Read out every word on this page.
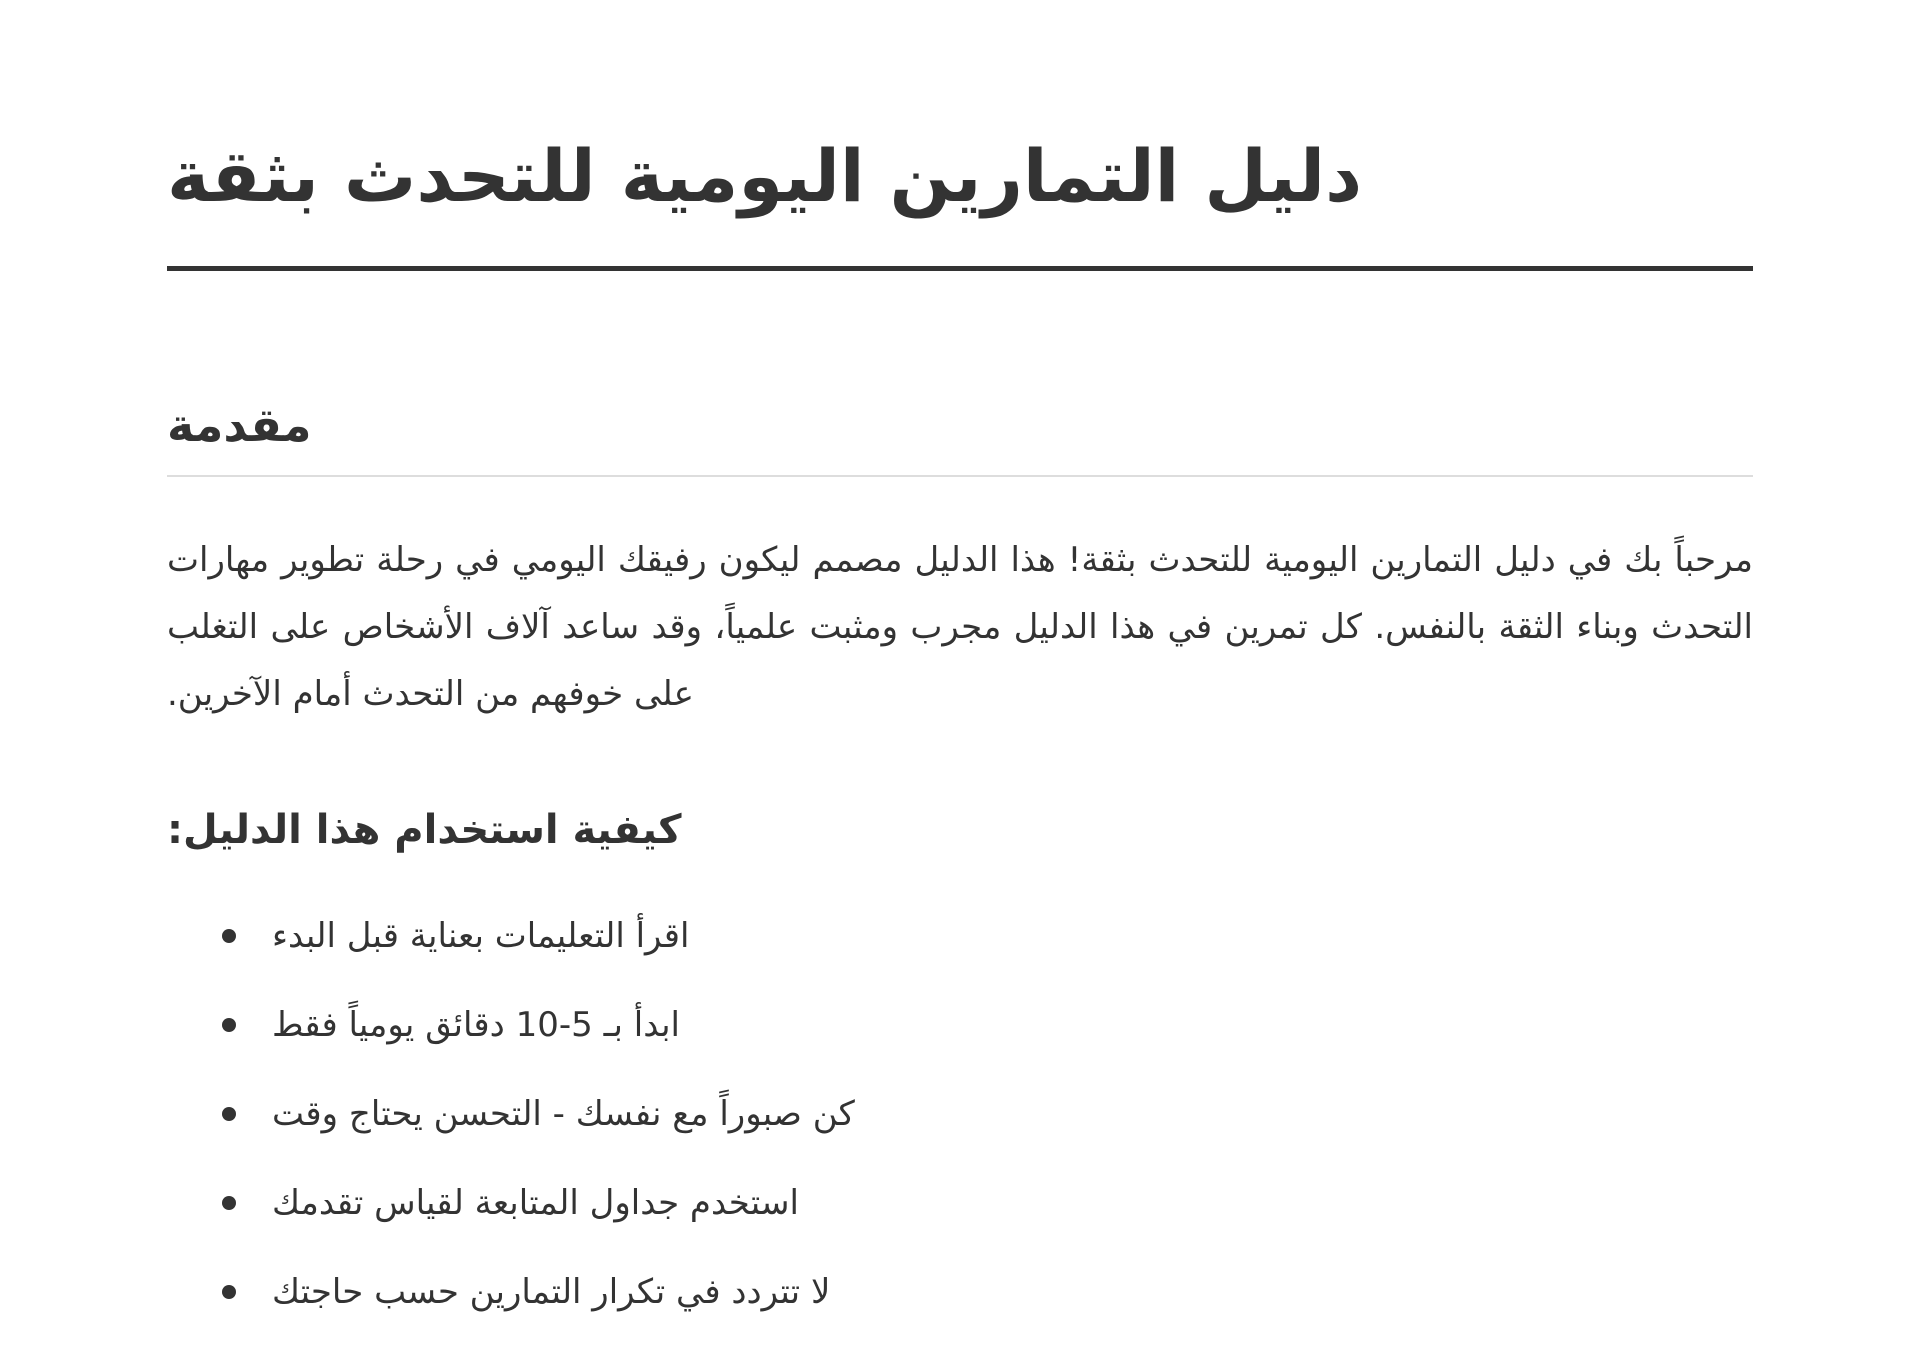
دليل التمارين اليومية للتحدث بثقة
مقدمة

مرحباً بك في دليل التمارين اليومية للتحدث بثقة! هذا الدليل مصمم ليكون رفيقك اليومي في رحلة تطوير مهارات التحدث وبناء الثقة بالنفس. كل تمرين في هذا الدليل مجرب ومثبت علمياً، وقد ساعد آلاف الأشخاص على التغلب على خوفهم من التحدث أمام الآخرين.

كيفية استخدام هذا الدليل:
اقرأ التعليمات بعناية قبل البدء
ابدأ بـ 5-10 دقائق يومياً فقط
كن صبوراً مع نفسك - التحسن يحتاج وقت
استخدم جداول المتابعة لقياس تقدمك
لا تتردد في تكرار التمارين حسب حاجتك
